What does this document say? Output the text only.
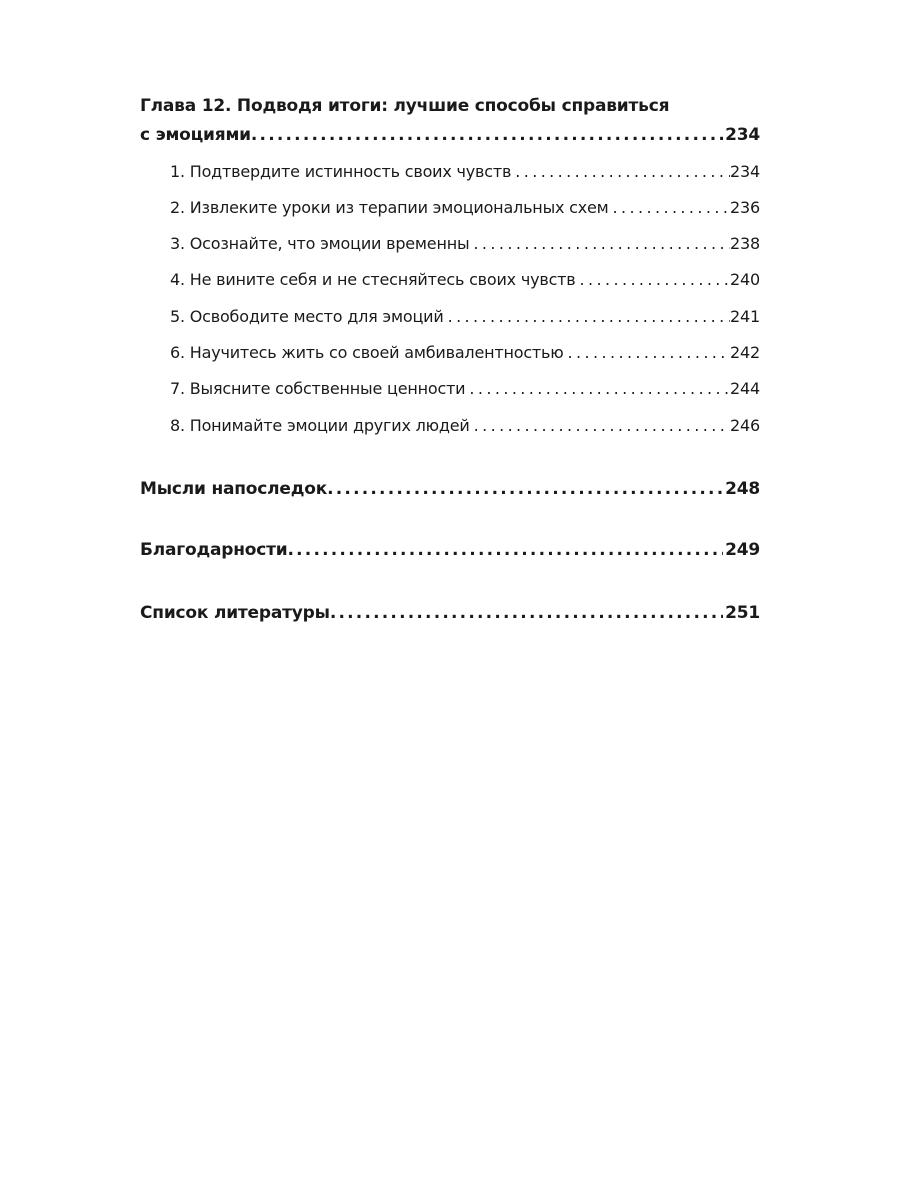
Глава 12. Подводя итоги: лучшие способы справиться
с эмоциями .....	234
1. Подтвердите истинность своих чувств .....	234
2. Извлеките уроки из терапии эмоциональных схем .....	236
3. Осознайте, что эмоции временны .....	238
4. Не вините себя и не стесняйтесь своих чувств .....	240
5. Освободите место для эмоций .....	241
6. Научитесь жить со своей амбивалентностью .....	242
7. Выясните собственные ценности .....	244
8. Понимайте эмоции других людей .....	246
Мысли напоследок .....	248
Благодарности .....	249
Список литературы .....	251
